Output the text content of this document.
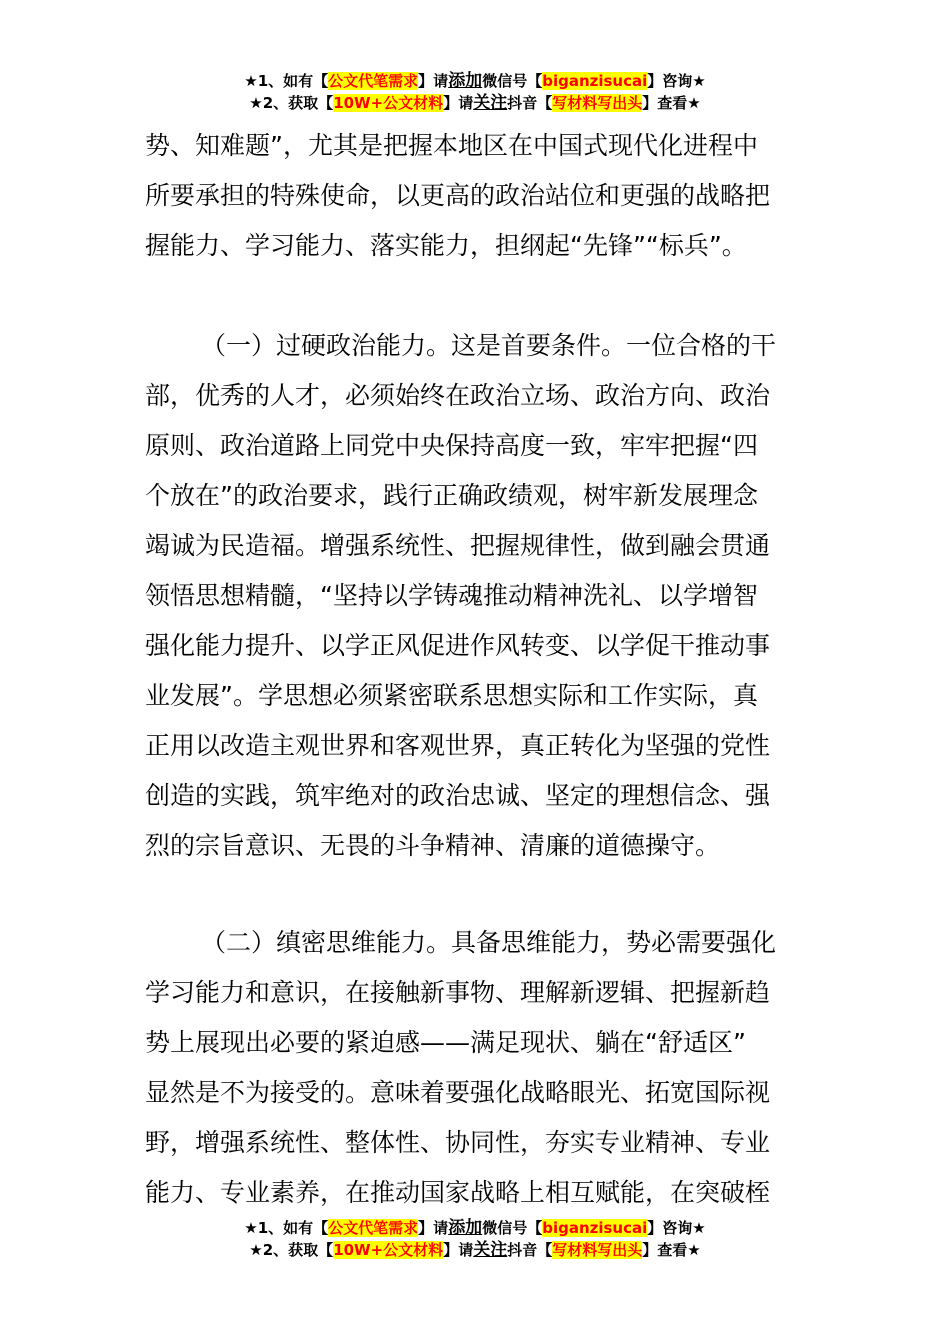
★1、如有【公文代笔需求】请添加微信号【biganzisucai】咨询★
★2、获取【10W+公文材料】请关注抖音【写材料写出头】查看★

势、知难题”，尤其是把握本地区在中国式现代化进程中
所要承担的特殊使命，以更高的政治站位和更强的战略把
握能力、学习能力、落实能力，担纲起“先锋”“标兵”。

（一）过硬政治能力。这是首要条件。一位合格的干
部，优秀的人才，必须始终在政治立场、政治方向、政治
原则、政治道路上同党中央保持高度一致，牢牢把握“四
个放在”的政治要求，践行正确政绩观，树牢新发展理念
竭诚为民造福。增强系统性、把握规律性，做到融会贯通
领悟思想精髓，“坚持以学铸魂推动精神洗礼、以学增智
强化能力提升、以学正风促进作风转变、以学促干推动事
业发展”。学思想必须紧密联系思想实际和工作实际，真
正用以改造主观世界和客观世界，真正转化为坚强的党性
创造的实践，筑牢绝对的政治忠诚、坚定的理想信念、强
烈的宗旨意识、无畏的斗争精神、清廉的道德操守。

（二）缜密思维能力。具备思维能力，势必需要强化
学习能力和意识，在接触新事物、理解新逻辑、把握新趋
势上展现出必要的紧迫感——满足现状、躺在“舒适区”
显然是不为接受的。意味着要强化战略眼光、拓宽国际视
野，增强系统性、整体性、协同性，夯实专业精神、专业
能力、专业素养，在推动国家战略上相互赋能，在突破桎

★1、如有【公文代笔需求】请添加微信号【biganzisucai】咨询★
★2、获取【10W+公文材料】请关注抖音【写材料写出头】查看★
